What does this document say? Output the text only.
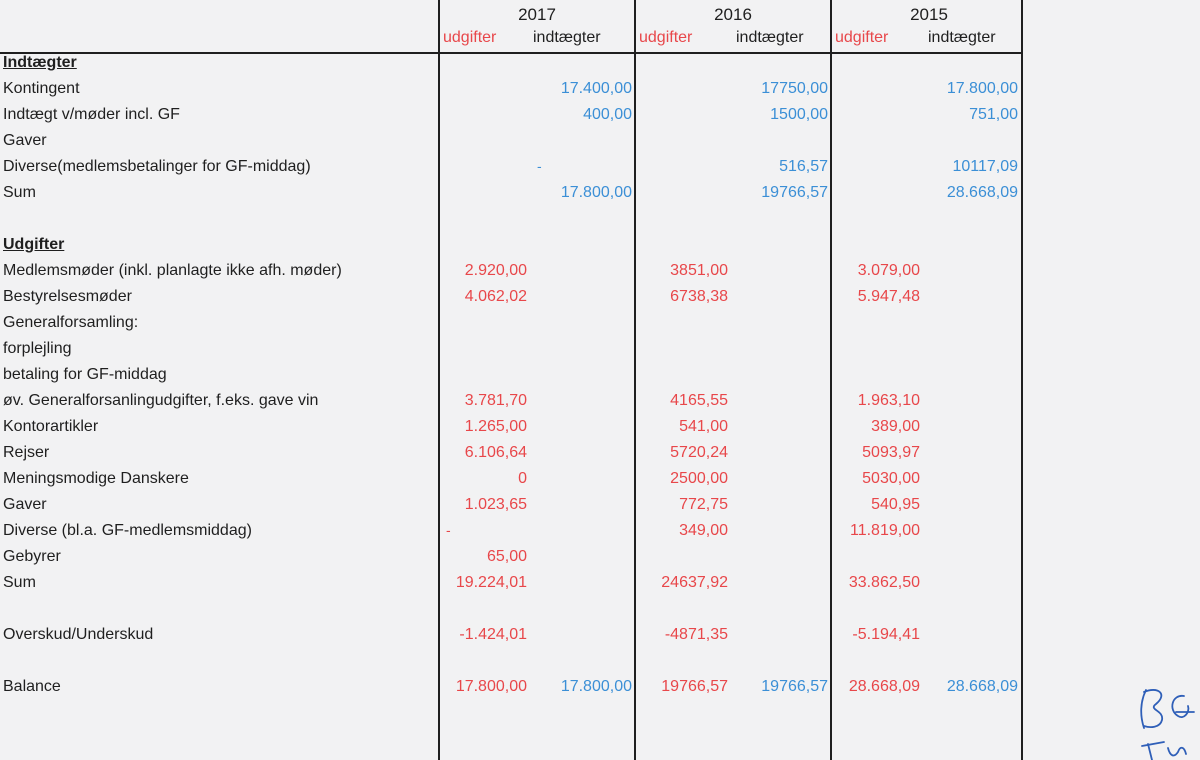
2017	2016	2015
udgifter indtægter udgifter	indtægter udgifter indtægter
Indtægter
Kontingent	17.400,00	17750,00	17.800,00
Indtægt v/møder incl. GF	400,00	1500,00	751,00
Gaver
Diverse(medlemsbetalinger for GF-middag)	-	516,57	10117,09
Sum	17.800,00	19766,57	28.668,09
Udgifter
Medlemsmøder (inkl. planlagte ikke afh. møder)	2.920,00	3851,00	3.079,00
Bestyrelsesmøder	4.062,02	6738,38	5.947,48
Generalforsamling:
forplejling
betaling for GF-middag
øv. Generalforsanlingudgifter, f.eks. gave vin	3.781,70	4165,55	1.963,10
Kontorartikler	1.265,00	541,00	389,00
Rejser	6.106,64	5720,24	5093,97
Meningsmodige Danskere	0	2500,00	5030,00
Gaver	1.023,65	772,75	540,95
Diverse (bl.a. GF-medlemsmiddag)	-	349,00	11.819,00
Gebyrer	65,00
Sum	19.224,01	24637,92	33.862,50
Overskud/Underskud	-1.424,01	-4871,35	-5.194,41
Balance	17.800,00	17.800,00	19766,57	19766,57	28.668,09	28.668,09
